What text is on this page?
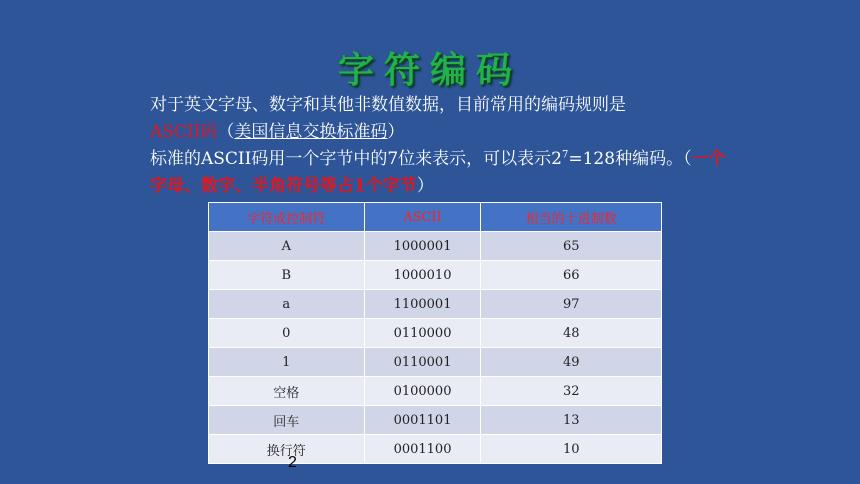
字符编码
对于英文字母、数字和其他非数值数据，目前常用的编码规则是
ASCII码（美国信息交换标准码）
标准的ASCII码用一个字节中的7位来表示，可以表示$2^7=128$种编码。（一个字母、数字、半角符号等占1个字节）
字符或控制符	ASCII	相当的十进制数
A	1000001	65
B	1000010	66
a	1100001	97
0	0110000	48
1	0110001	49
空格	0100000	32
回车	0001101	13
换行符	0001100	10
2
